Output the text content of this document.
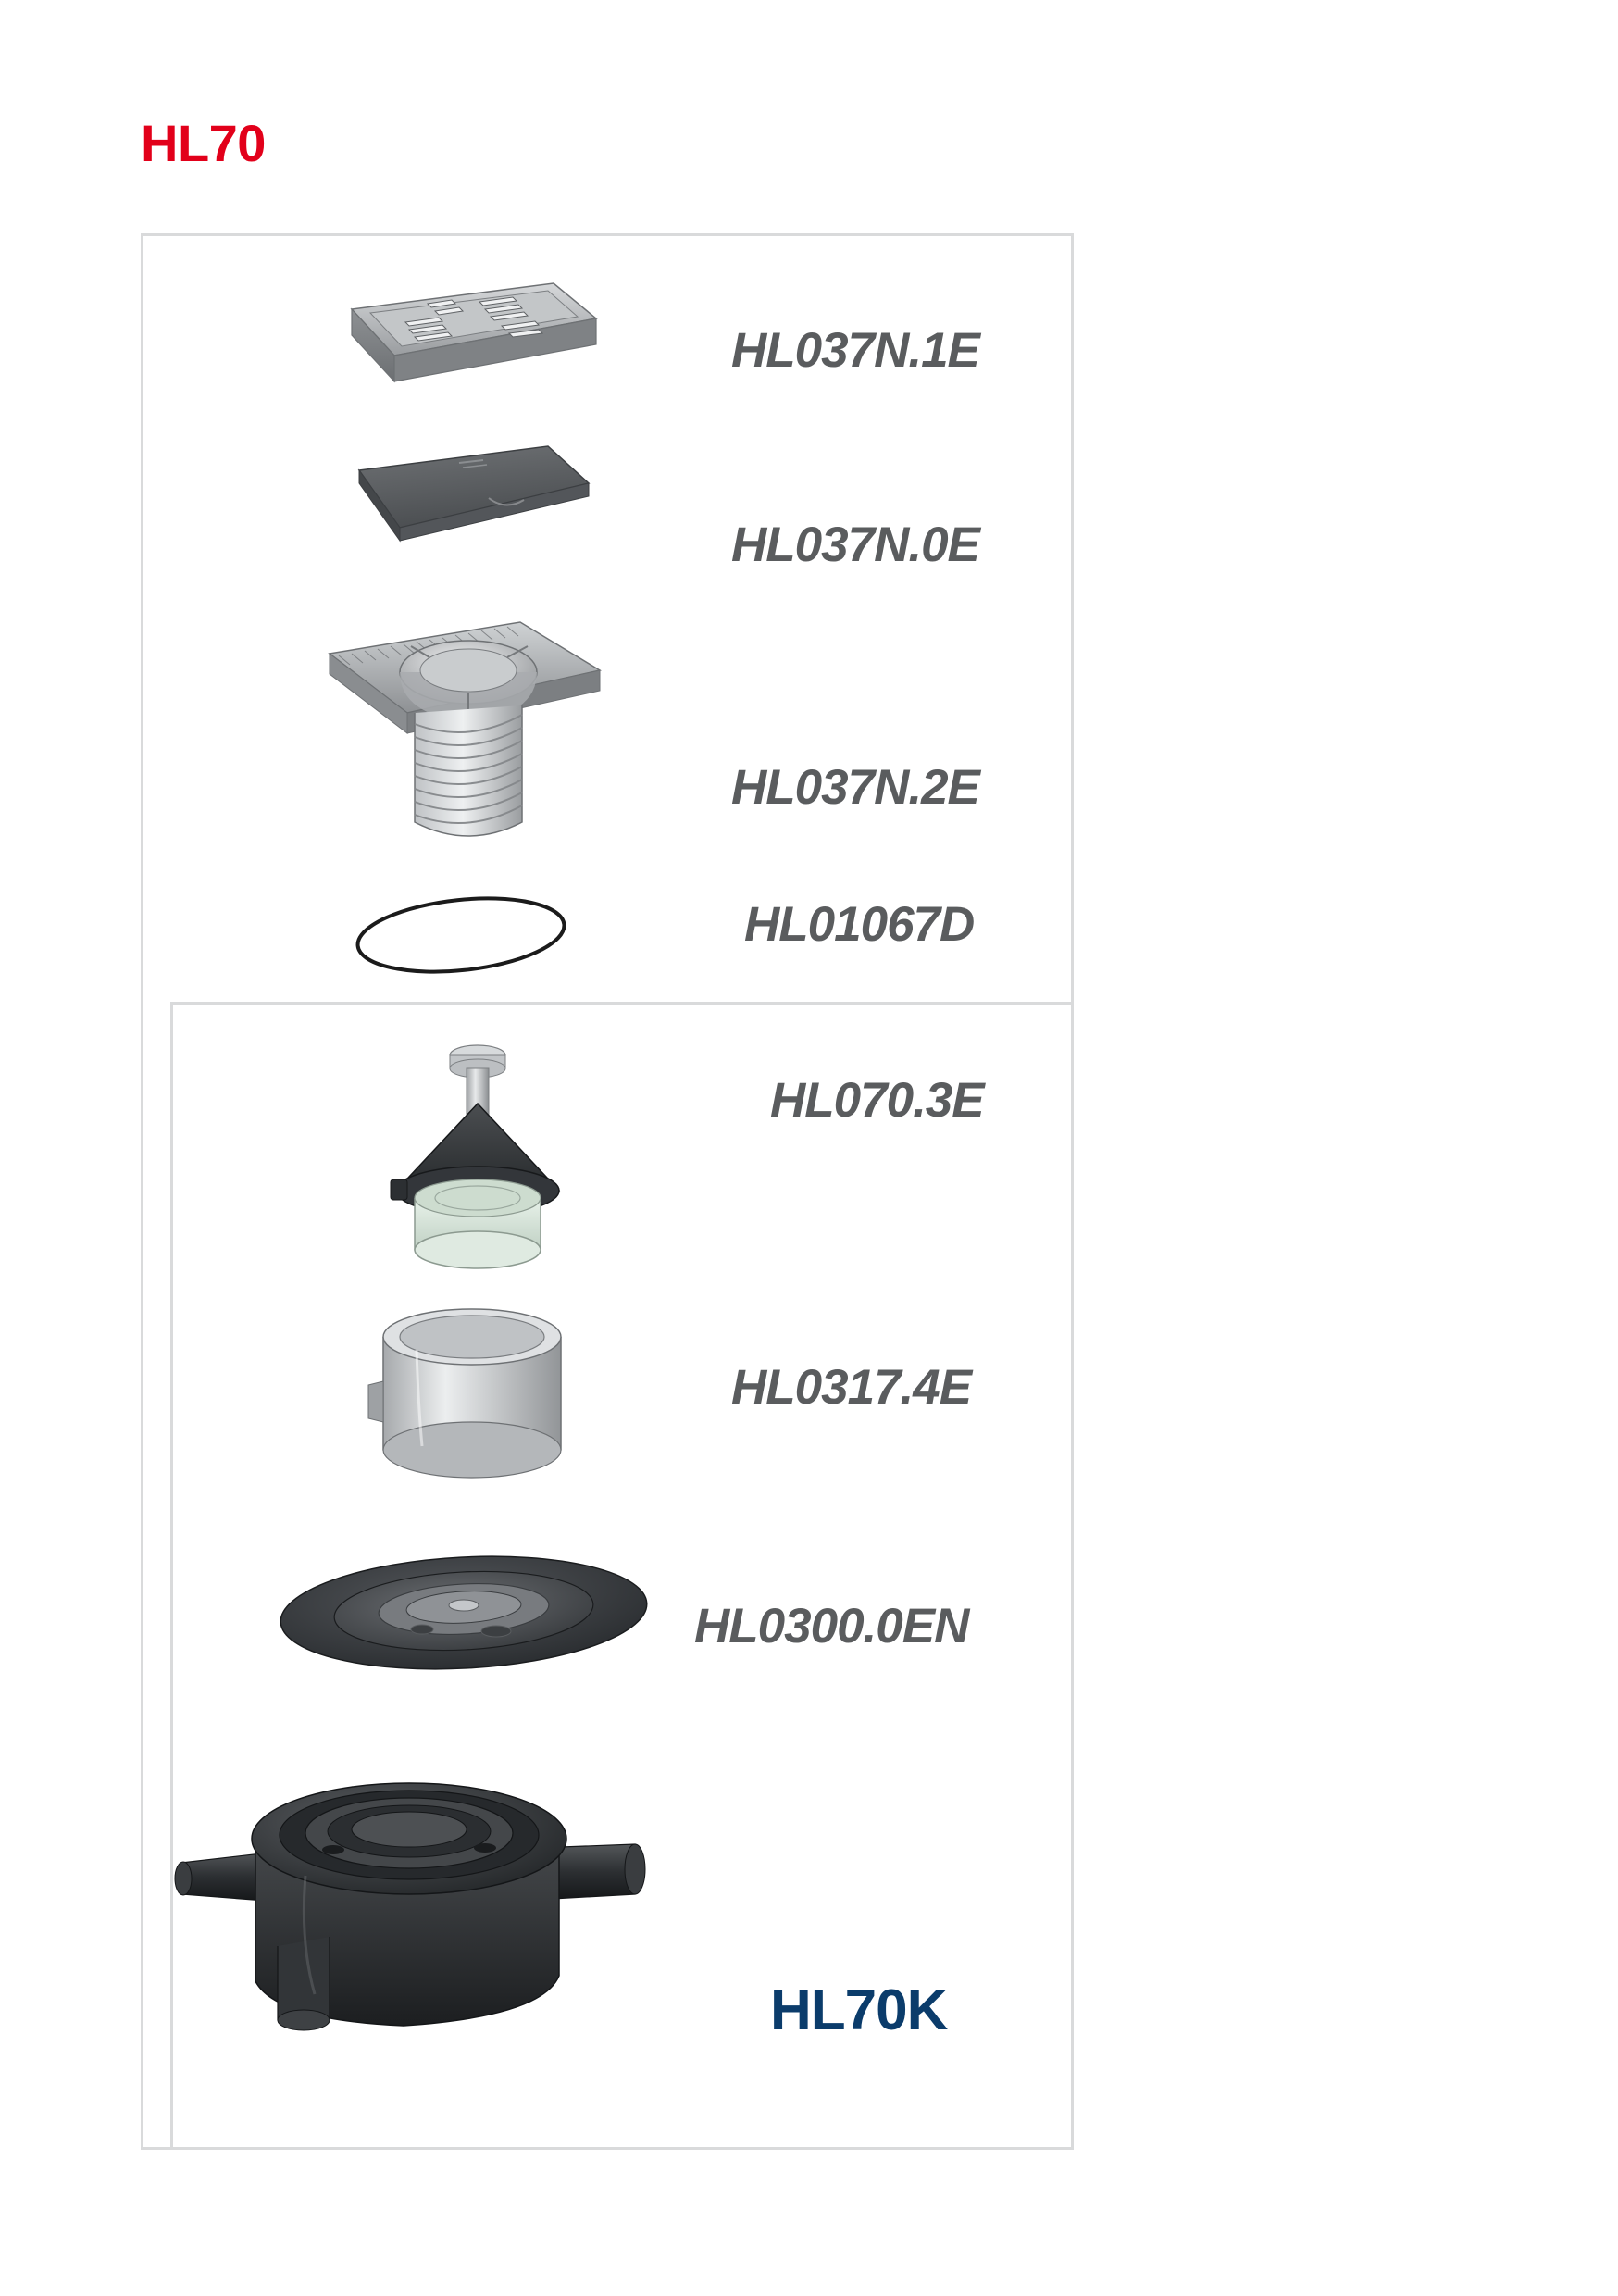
HL70
HL037N.1E
HL037N.0E
HL037N.2E
HL01067D
HL070.3E
HL0317.4E
HL0300.0EN
HL70K
